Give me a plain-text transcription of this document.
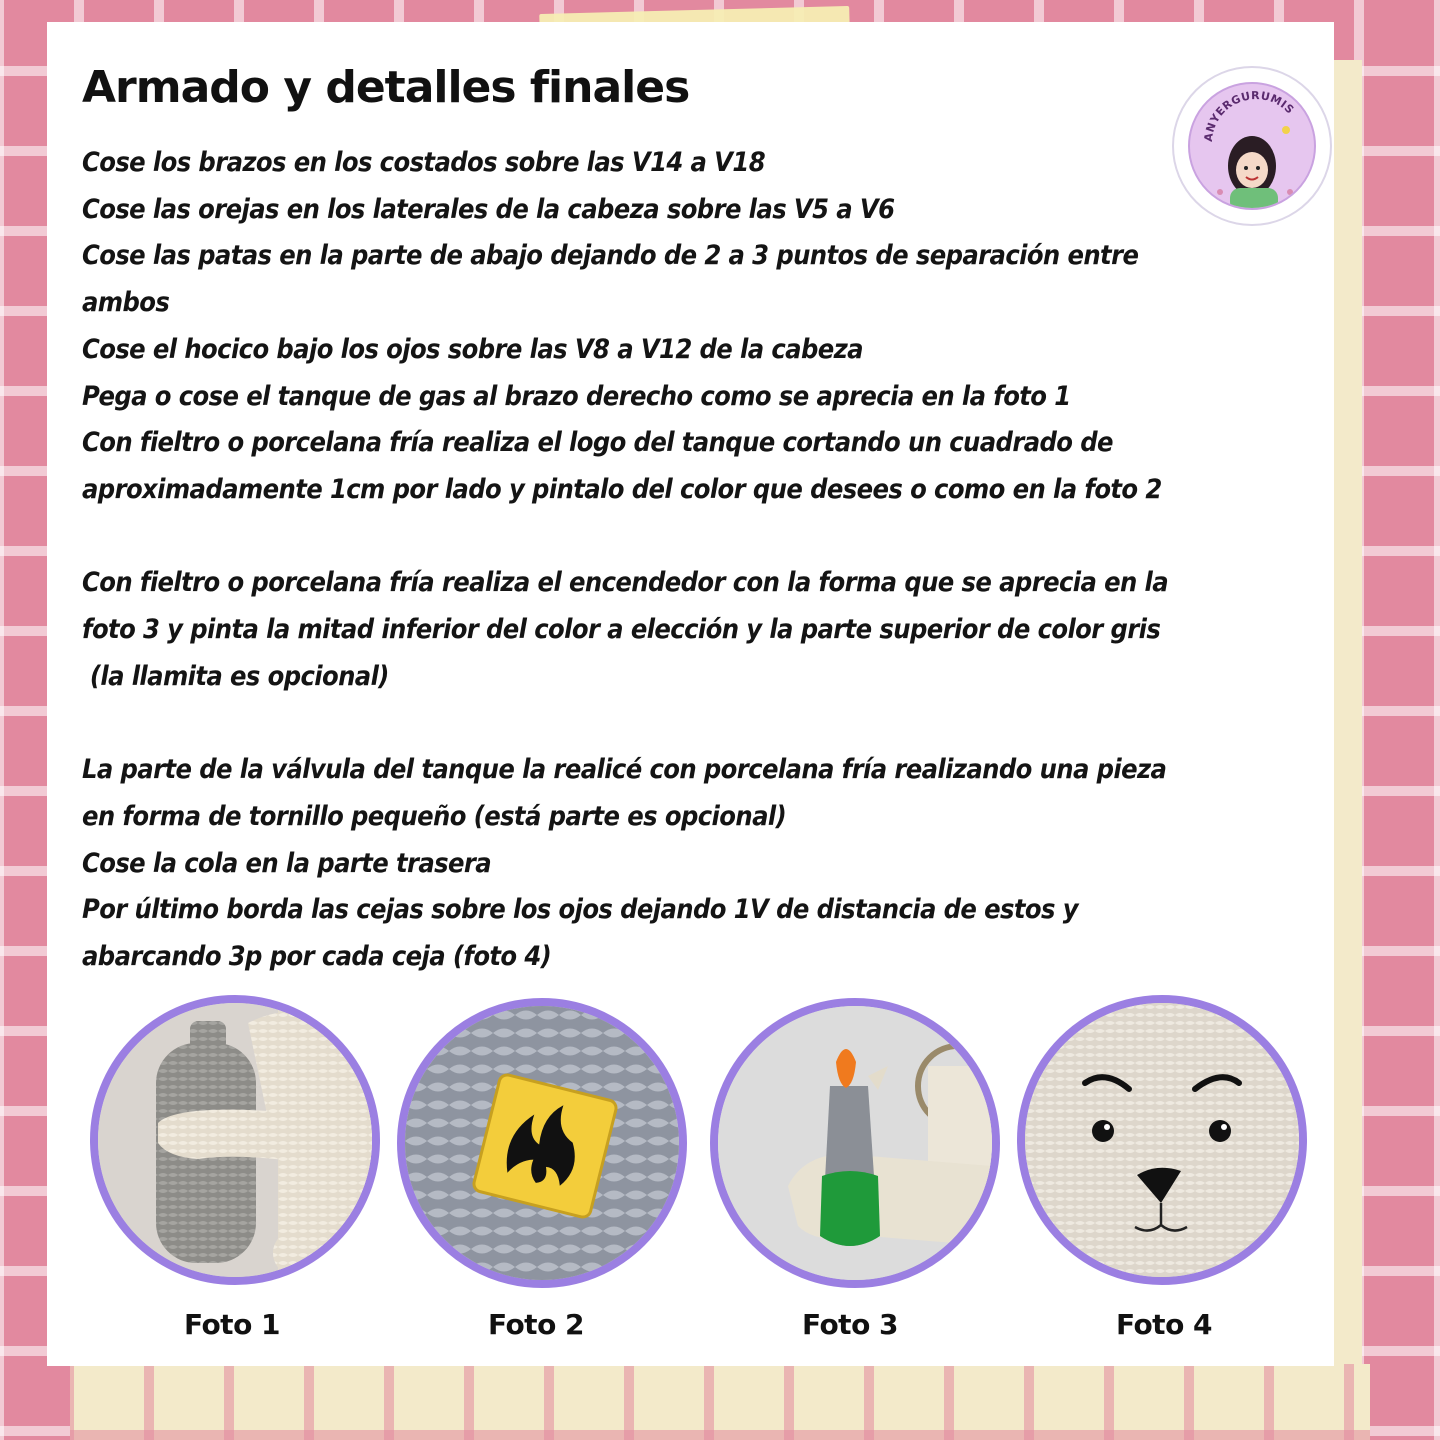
Armado y detalles finales
ANYERGURUMIS

Cose los brazos en los costados sobre las V14 a V18

Cose las orejas en los laterales de la cabeza sobre las V5 a V6

Cose las patas en la parte de abajo dejando de 2 a 3 puntos de separación entre

ambos

Cose el hocico bajo los ojos sobre las V8 a V12 de la cabeza

Pega o cose el tanque de gas al brazo derecho como se aprecia en la foto 1

Con fieltro o porcelana fría realiza el logo del tanque cortando un cuadrado de

aproximadamente 1cm por lado y pintalo del color que desees o como en la foto 2

Con fieltro o porcelana fría realiza el encendedor con la forma que se aprecia en la

foto 3 y pinta la mitad inferior del color a elección y la parte superior de color gris

(la llamita es opcional)

La parte de la válvula del tanque la realicé con porcelana fría realizando una pieza

en forma de tornillo pequeño (está parte es opcional)

Cose la cola en la parte trasera

Por último borda las cejas sobre los ojos dejando 1V de distancia de estos y

abarcando 3p por cada ceja (foto 4)

Foto 1	Foto 2	Foto 3	Foto 4
